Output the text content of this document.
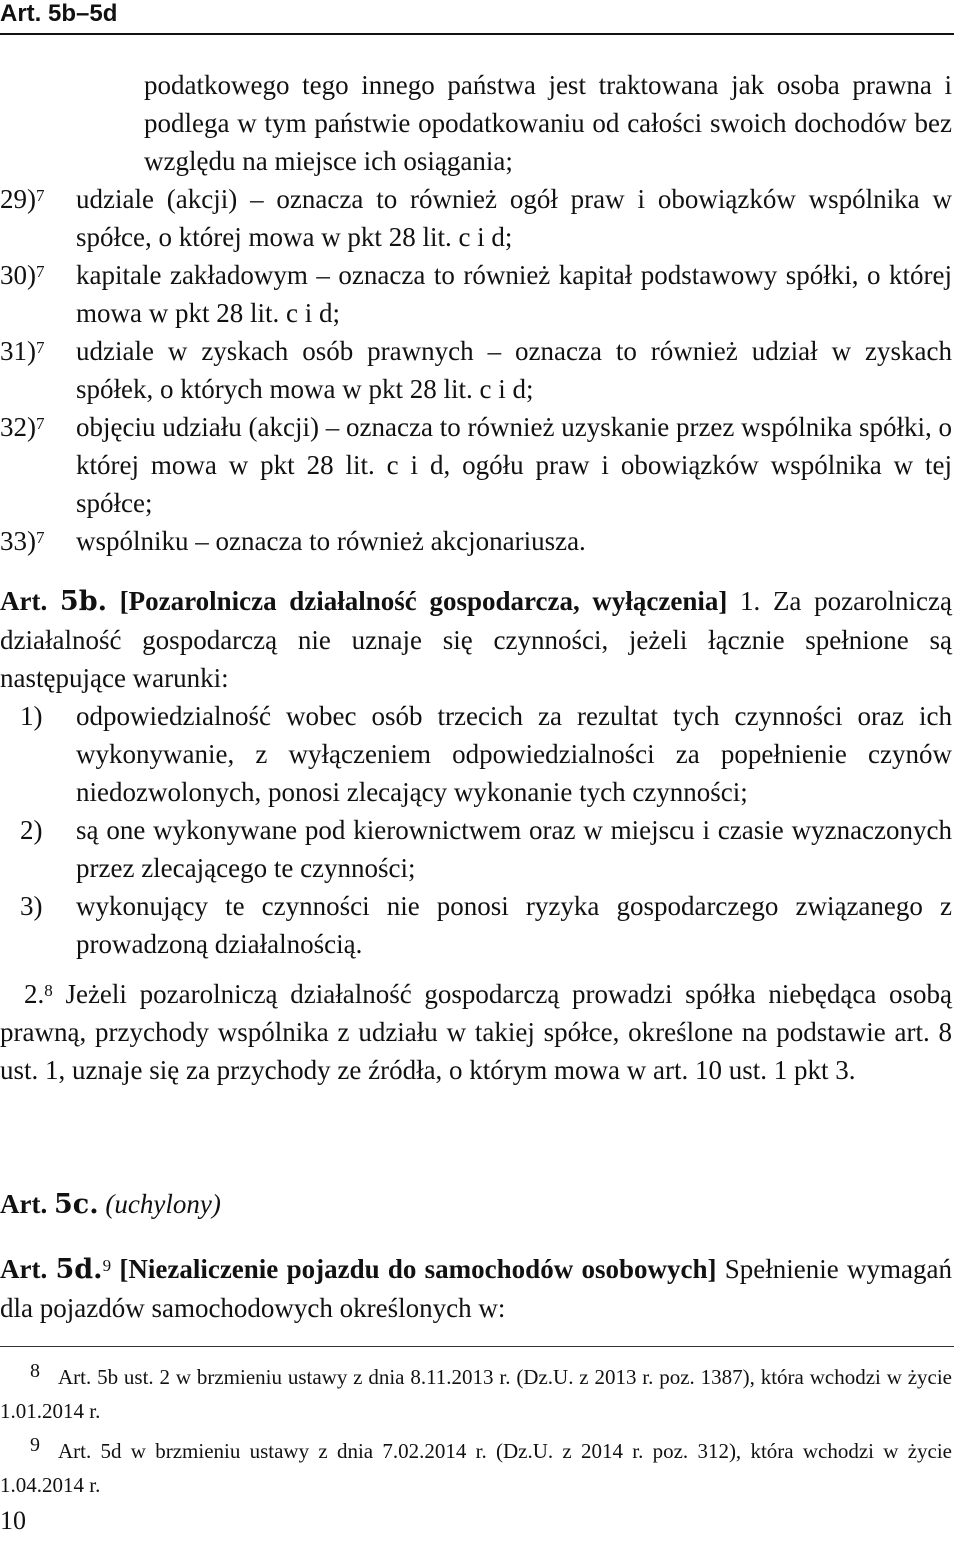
Art. 5b–5d
podatkowego tego innego państwa jest traktowana jak osoba prawna i podlega w tym państwie opodatkowaniu od całości swoich dochodów bez względu na miejsce ich osiągania;
29)$^7$	udziale (akcji) – oznacza to również ogół praw i obowiązków wspólnika w spółce, o której mowa w pkt 28 lit. c i d;
30)$^7$	kapitale zakładowym – oznacza to również kapitał podstawowy spółki, o której mowa w pkt 28 lit. c i d;
31)$^7$	udziale w zyskach osób prawnych – oznacza to również udział w zyskach spółek, o których mowa w pkt 28 lit. c i d;
32)$^7$	objęciu udziału (akcji) – oznacza to również uzyskanie przez wspólnika spółki, o której mowa w pkt 28 lit. c i d, ogółu praw i obowiązków wspólnika w tej spółce;
33)$^7$	wspólniku – oznacza to również akcjonariusza.

Art. 5b. [Pozarolnicza działalność gospodarcza, wyłączenia] 1. Za pozarolniczą działalność gospodarczą nie uznaje się czynności, jeżeli łącznie spełnione są następujące warunki:

1)	odpowiedzialność wobec osób trzecich za rezultat tych czynności oraz ich wykonywanie, z wyłączeniem odpowiedzialności za popełnienie czynów niedozwolonych, ponosi zlecający wykonanie tych czynności;
2)	są one wykonywane pod kierownictwem oraz w miejscu i czasie wyznaczonych przez zlecającego te czynności;
3)	wykonujący te czynności nie ponosi ryzyka gospodarczego związanego z prowadzoną działalnością.

2.$^8$ Jeżeli pozarolniczą działalność gospodarczą prowadzi spółka niebędąca osobą prawną, przychody wspólnika z udziału w takiej spółce, określone na podstawie art. 8 ust. 1, uznaje się za przychody ze źródła, o którym mowa w art. 10 ust. 1 pkt 3.

Art. 5c. (uchylony)

Art. 5d.$^9$ [Niezaliczenie pojazdu do samochodów osobowych] Spełnienie wymagań dla pojazdów samochodowych określonych w:

8 Art. 5b ust. 2 w brzmieniu ustawy z dnia 8.11.2013 r. (Dz.U. z 2013 r. poz. 1387), która wchodzi w życie 1.01.2014 r.

9 Art. 5d w brzmieniu ustawy z dnia 7.02.2014 r. (Dz.U. z 2014 r. poz. 312), która wchodzi w życie 1.04.2014 r.

10
